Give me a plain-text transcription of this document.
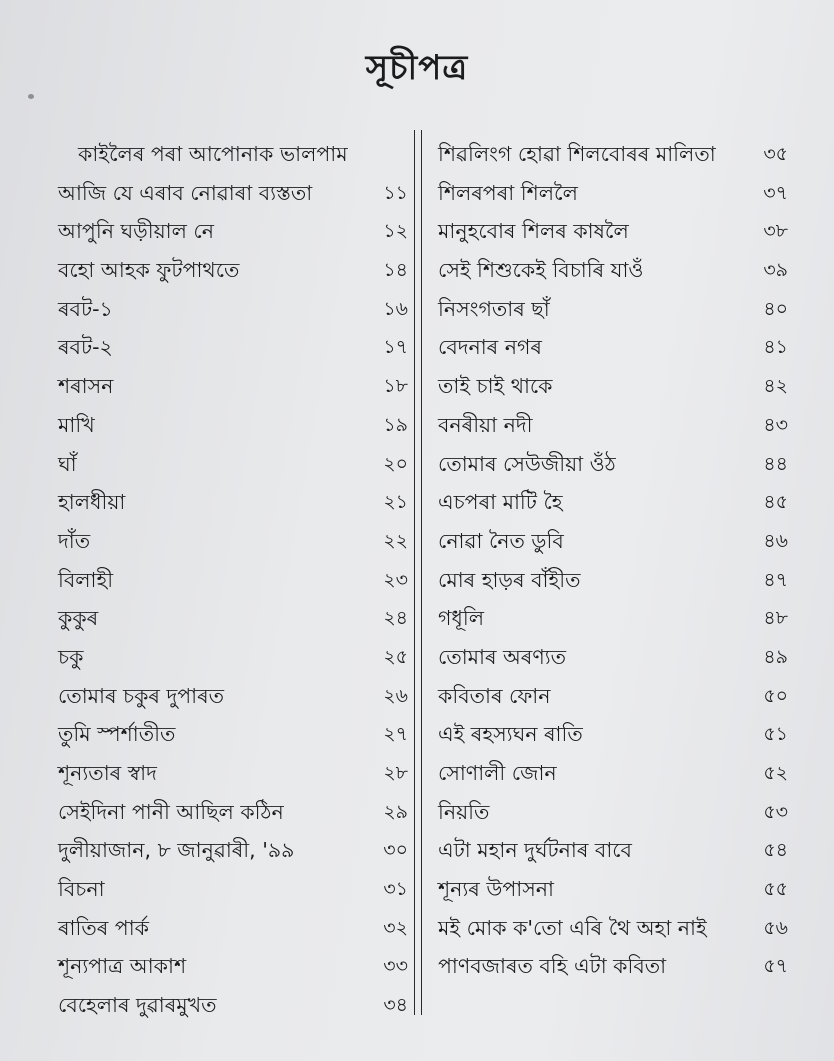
সূচীপত্ৰ
কাইলৈৰ পৰা আপোনাক ভালপাম
আজি যে এৰাব নোৱাৰা ব্যস্ততা	১১
আপুনি ঘড়ীয়াল নে	১২
বহো আহক ফুটপাথতে	১৪
ৰবট-১	১৬
ৰবট-২	১৭
শৰাসন	১৮
মাখি	১৯
ঘাঁ	২০
হালধীয়া	২১
দাঁত	২২
বিলাহী	২৩
কুকুৰ	২৪
চকু	২৫
তোমাৰ চকুৰ দুপাৰত	২৬
তুমি স্পৰ্শাতীত	২৭
শূন্যতাৰ স্বাদ	২৮
সেইদিনা পানী আছিল কঠিন	২৯
দুলীয়াজান, ৮ জানুৱাৰী, '৯৯	৩০
বিচনা	৩১
ৰাতিৰ পাৰ্ক	৩২
শূন্যপাত্ৰ আকাশ	৩৩
বেহেলাৰ দুৱাৰমুখত	৩৪
শিৱলিংগ হোৱা শিলবোৰৰ মালিতা	৩৫
শিলৰপৰা শিললৈ	৩৭
মানুহবোৰ শিলৰ কাষলৈ	৩৮
সেই শিশুকেই বিচাৰি যাওঁ	৩৯
নিসংগতাৰ ছাঁ	৪০
বেদনাৰ নগৰ	৪১
তাই চাই থাকে	৪২
বনৰীয়া নদী	৪৩
তোমাৰ সেউজীয়া ওঁঠ	৪৪
এচপৰা মাটি হৈ	৪৫
নোৱা নৈত ডুবি	৪৬
মোৰ হাড়ৰ বাঁহীত	৪৭
গধূলি	৪৮
তোমাৰ অৰণ্যত	৪৯
কবিতাৰ ফোন	৫০
এই ৰহস্যঘন ৰাতি	৫১
সোণালী জোন	৫২
নিয়তি	৫৩
এটা মহান দুৰ্ঘটনাৰ বাবে	৫৪
শূন্যৰ উপাসনা	৫৫
মই মোক ক'তো এৰি থৈ অহা নাই	৫৬
পাণবজাৰত বহি এটা কবিতা	৫৭
